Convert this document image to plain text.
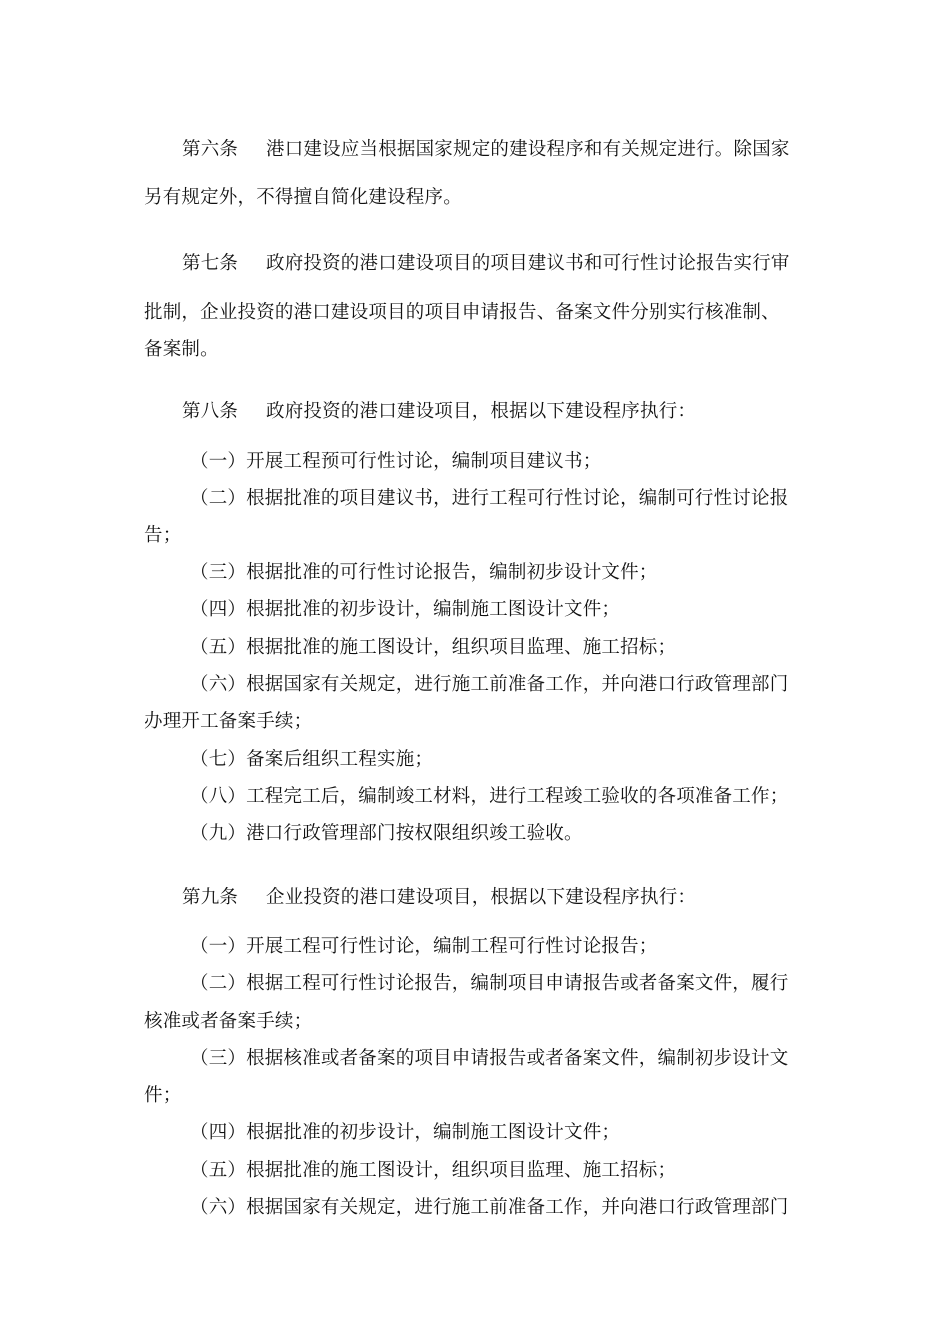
第六条 港口建设应当根据国家规定的建设程序和有关规定进行。除国家
另有规定外，不得擅自简化建设程序。
第七条 政府投资的港口建设项目的项目建议书和可行性讨论报告实行审
批制，企业投资的港口建设项目的项目申请报告、备案文件分别实行核准制、
备案制。
第八条 政府投资的港口建设项目，根据以下建设程序执行：
（一）开展工程预可行性讨论，编制项目建议书；
（二）根据批准的项目建议书，进行工程可行性讨论，编制可行性讨论报
告；
（三）根据批准的可行性讨论报告，编制初步设计文件；
（四）根据批准的初步设计，编制施工图设计文件；
（五）根据批准的施工图设计，组织项目监理、施工招标；
（六）根据国家有关规定，进行施工前准备工作，并向港口行政管理部门
办理开工备案手续；
（七）备案后组织工程实施；
（八）工程完工后，编制竣工材料，进行工程竣工验收的各项准备工作；
（九）港口行政管理部门按权限组织竣工验收。
第九条 企业投资的港口建设项目，根据以下建设程序执行：
（一）开展工程可行性讨论，编制工程可行性讨论报告；
（二）根据工程可行性讨论报告，编制项目申请报告或者备案文件，履行
核准或者备案手续；
（三）根据核准或者备案的项目申请报告或者备案文件，编制初步设计文
件；
（四）根据批准的初步设计，编制施工图设计文件；
（五）根据批准的施工图设计，组织项目监理、施工招标；
（六）根据国家有关规定，进行施工前准备工作，并向港口行政管理部门
